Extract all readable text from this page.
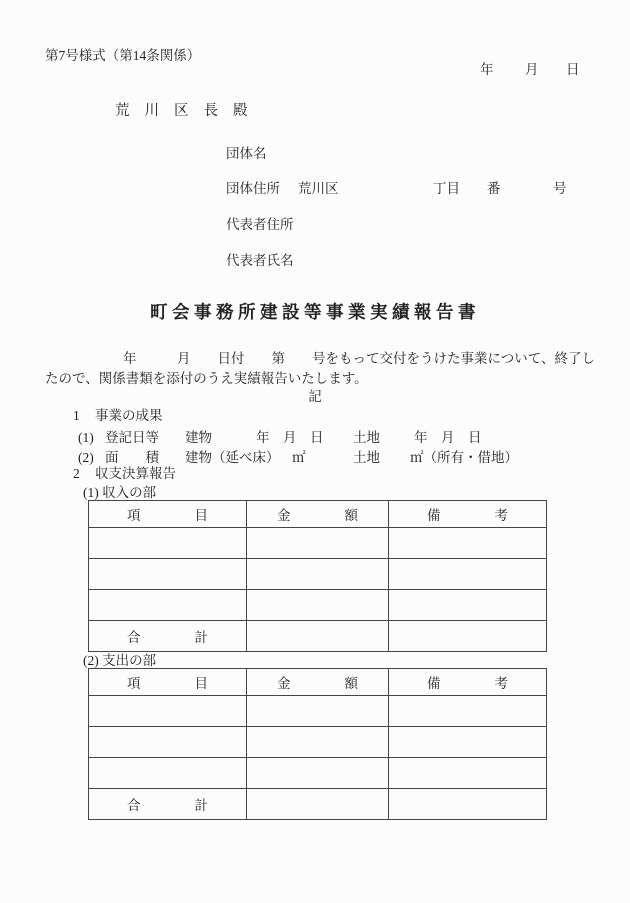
第7号様式（第14条関係）
年 月 日
荒川区長殿
団体名
団体住所 荒川区	丁目 番	号
代表者住所
代表者氏名
町会事務所建設等事業実績報告書
年　　　月　　日付　　第　　号をもって交付をうけた事業について、終了し
たので、関係書類を添付のうえ実績報告いたします。
記
1 事業の成果
(1) 登記日等 建物	年　月　日 土地	年　月　日
(2) 面　　積 建物（延べ床） ㎡	土地 ㎡（所有・借地）
2 収支決算報告
(1) 収入の部
項　　　　目	金　　　　額	備　　　　考

合　　　　計		
(2) 支出の部
項　　　　目	金　　　　額	備　　　　考

合　　　　計		
